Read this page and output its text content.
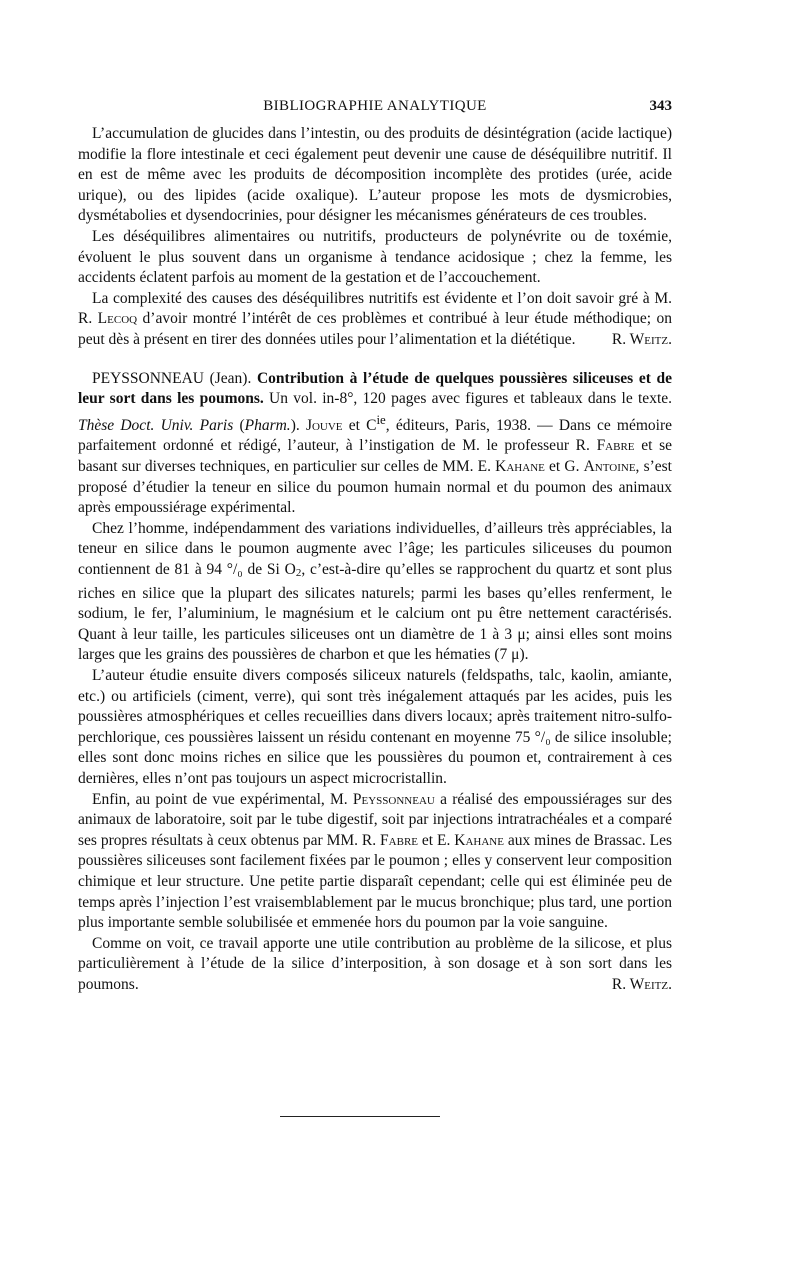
BIBLIOGRAPHIE ANALYTIQUE	343

L’accumulation de glucides dans l’intestin, ou des produits de désintégration (acide lactique) modifie la flore intestinale et ceci également peut devenir une cause de déséquilibre nutritif. Il en est de même avec les produits de décomposition incomplète des protides (urée, acide urique), ou des lipides (acide oxalique). L’auteur propose les mots de dysmicrobies, dysmétabolies et dysendocrinies, pour désigner les mécanismes générateurs de ces troubles.

Les déséquilibres alimentaires ou nutritifs, producteurs de polynévrite ou de toxémie, évoluent le plus souvent dans un organisme à tendance acidosique ; chez la femme, les accidents éclatent parfois au moment de la gestation et de l’accouchement.

La complexité des causes des déséquilibres nutritifs est évidente et l’on doit savoir gré à M. R. Lecoq d’avoir montré l’intérêt de ces problèmes et contribué à leur étude méthodique; on peut dès à présent en tirer des données utiles pour l’alimentation et la diététique.	R. Weitz.

PEYSSONNEAU (Jean). Contribution à l’étude de quelques poussières siliceuses et de leur sort dans les poumons. Un vol. in-8°, 120 pages avec figures et tableaux dans le texte. Thèse Doct. Univ. Paris (Pharm.). Jouve et $C^{ie}$, éditeurs, Paris, 1938. — Dans ce mémoire parfaitement ordonné et rédigé, l’auteur, à l’instigation de M. le professeur R. Fabre et se basant sur diverses techniques, en particulier sur celles de MM. E. Kahane et G. Antoine, s’est proposé d’étudier la teneur en silice du poumon humain normal et du poumon des animaux après empoussiérage expérimental.

Chez l’homme, indépendamment des variations individuelles, d’ailleurs très appréciables, la teneur en silice dans le poumon augmente avec l’âge; les particules siliceuses du poumon contiennent de 81 à 94 °/₀ de Si O2, c’est-à-dire qu’elles se rapprochent du quartz et sont plus riches en silice que la plupart des silicates naturels; parmi les bases qu’elles renferment, le sodium, le fer, l’aluminium, le magnésium et le calcium ont pu être nettement caractérisés. Quant à leur taille, les particules siliceuses ont un diamètre de 1 à 3 μ; ainsi elles sont moins larges que les grains des poussières de charbon et que les hématies (7 μ).

L’auteur étudie ensuite divers composés siliceux naturels (feldspaths, talc, kaolin, amiante, etc.) ou artificiels (ciment, verre), qui sont très inégalement attaqués par les acides, puis les poussières atmosphériques et celles recueillies dans divers locaux; après traitement nitro-sulfo-perchlorique, ces poussières laissent un résidu contenant en moyenne 75 °/₀ de silice insoluble; elles sont donc moins riches en silice que les poussières du poumon et, contrairement à ces dernières, elles n’ont pas toujours un aspect microcristallin.

Enfin, au point de vue expérimental, M. Peyssonneau a réalisé des empoussiérages sur des animaux de laboratoire, soit par le tube digestif, soit par injections intratrachéales et a comparé ses propres résultats à ceux obtenus par MM. R. Fabre et E. Kahane aux mines de Brassac. Les poussières siliceuses sont facilement fixées par le poumon ; elles y conservent leur composition chimique et leur structure. Une petite partie disparaît cependant; celle qui est éliminée peu de temps après l’injection l’est vraisemblablement par le mucus bronchique; plus tard, une portion plus importante semble solubilisée et emmenée hors du poumon par la voie sanguine.

Comme on voit, ce travail apporte une utile contribution au problème de la silicose, et plus particulièrement à l’étude de la silice d’interposition, à son dosage et à son sort dans les poumons.	R. Weitz.
